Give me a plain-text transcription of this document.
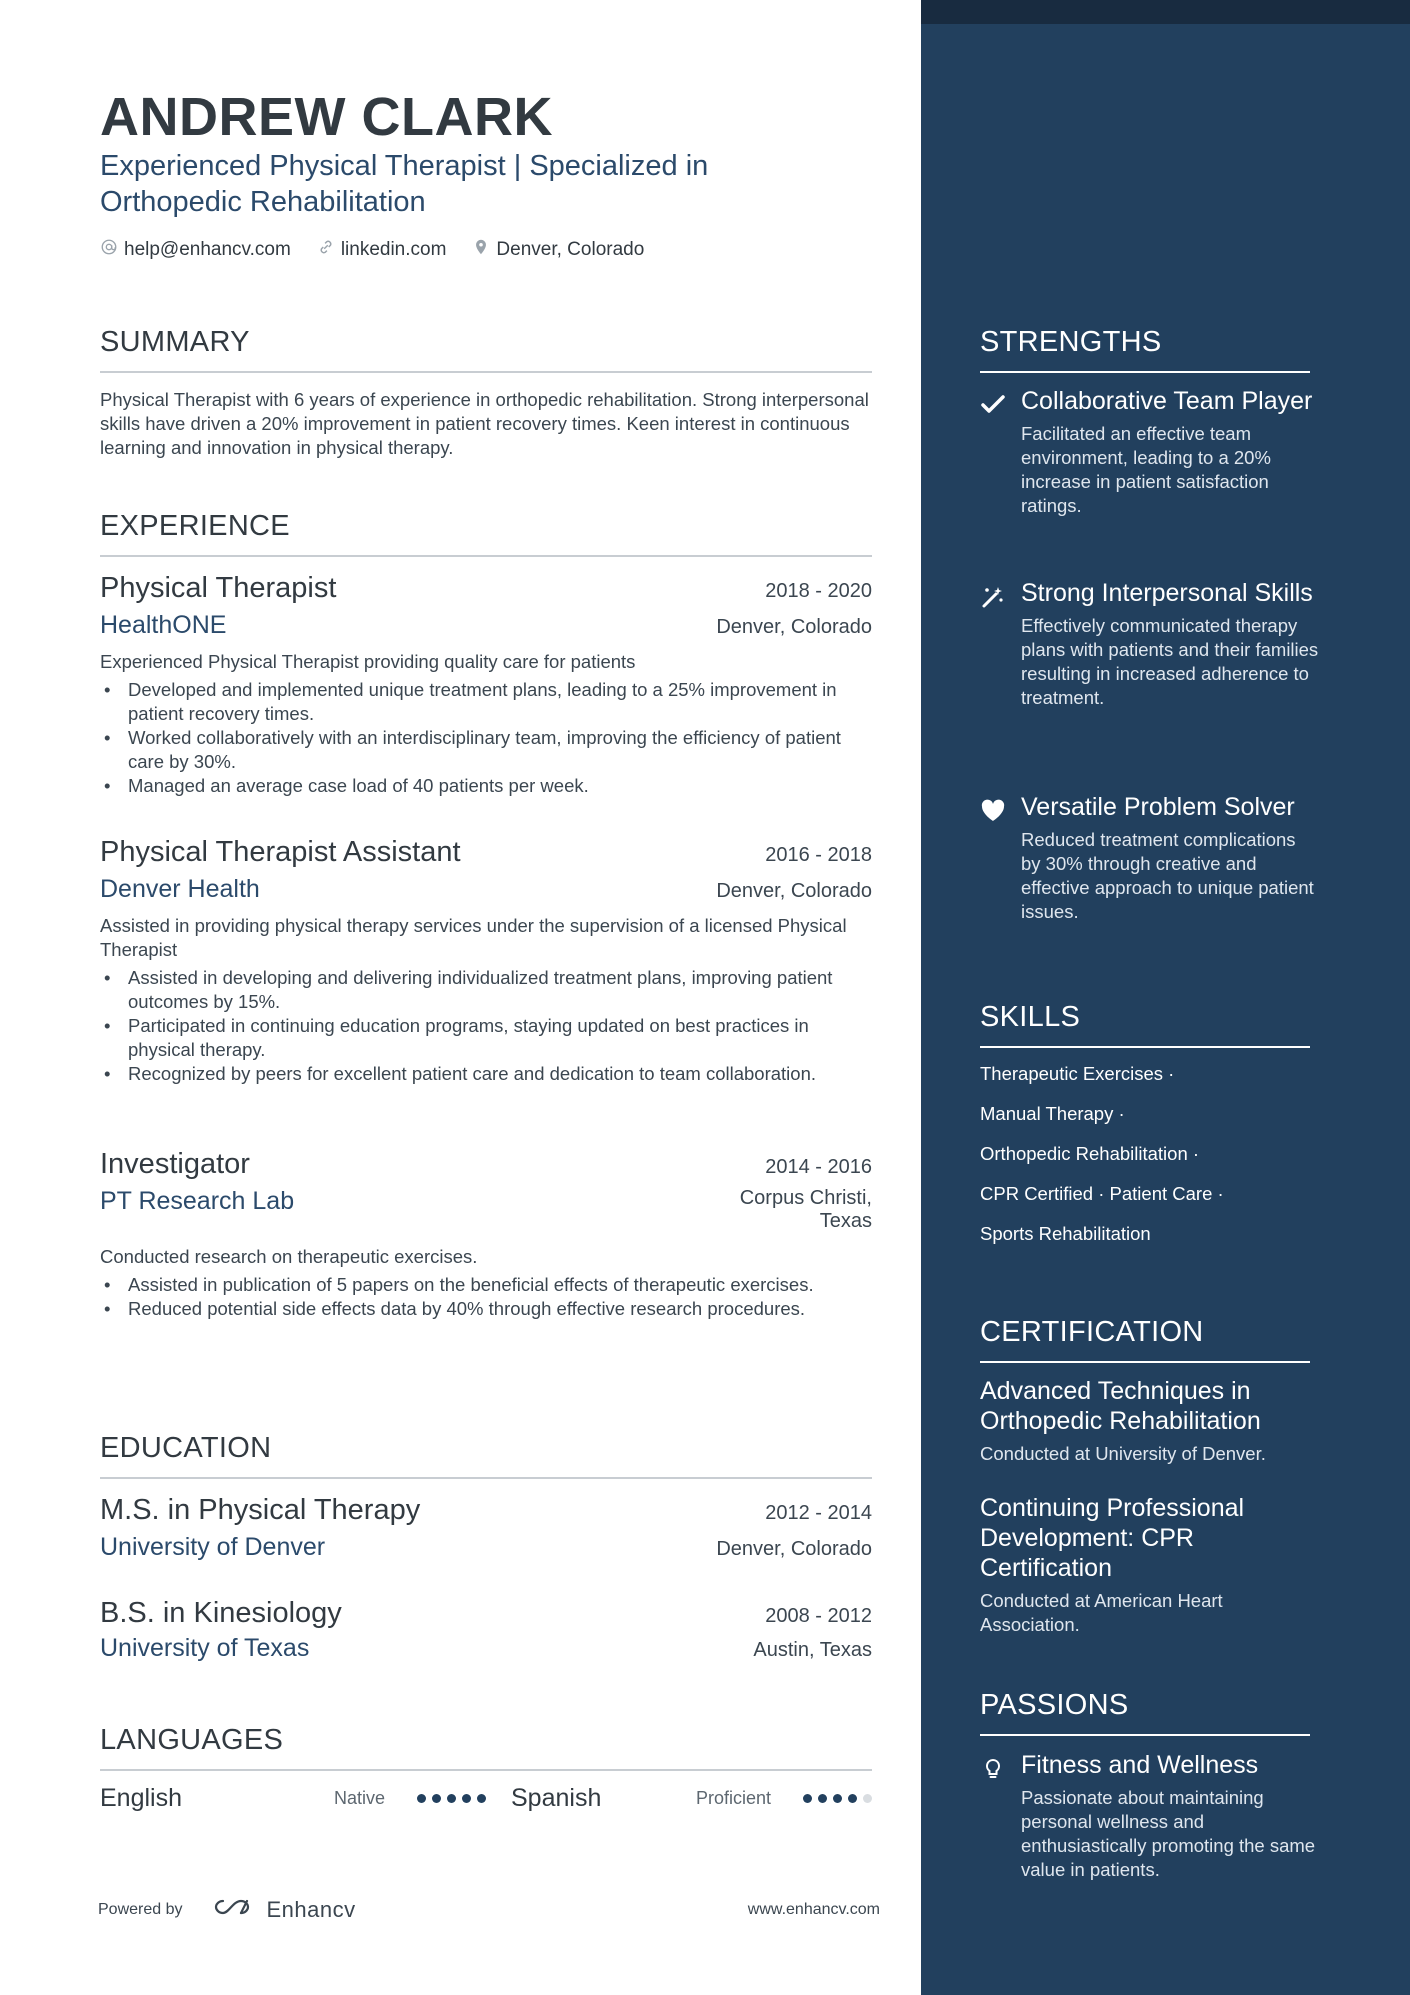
ANDREW CLARK
Experienced Physical Therapist | Specialized in Orthopedic Rehabilitation
help@enhancv.com	linkedin.com	Denver, Colorado
SUMMARY
Physical Therapist with 6 years of experience in orthopedic rehabilitation. Strong interpersonal skills have driven a 20% improvement in patient recovery times. Keen interest in continuous learning and innovation in physical therapy.
EXPERIENCE
Physical Therapist	2018 - 2020
HealthONE	Denver, Colorado
Experienced Physical Therapist providing quality care for patients
• Developed and implemented unique treatment plans, leading to a 25% improvement in patient recovery times.
• Worked collaboratively with an interdisciplinary team, improving the efficiency of patient care by 30%.
• Managed an average case load of 40 patients per week.
Physical Therapist Assistant	2016 - 2018
Denver Health	Denver, Colorado
Assisted in providing physical therapy services under the supervision of a licensed Physical Therapist
• Assisted in developing and delivering individualized treatment plans, improving patient outcomes by 15%.
• Participated in continuing education programs, staying updated on best practices in physical therapy.
• Recognized by peers for excellent patient care and dedication to team collaboration.
Investigator	2014 - 2016
PT Research Lab	Corpus Christi,
Texas
Conducted research on therapeutic exercises.
• Assisted in publication of 5 papers on the beneficial effects of therapeutic exercises.
• Reduced potential side effects data by 40% through effective research procedures.
EDUCATION
M.S. in Physical Therapy	2012 - 2014
University of Denver	Denver, Colorado
B.S. in Kinesiology	2008 - 2012
University of Texas	Austin, Texas
LANGUAGES
English	Native	Spanish	Proficient
Powered by	Enhancv	www.enhancv.com
STRENGTHS
Collaborative Team Player
Facilitated an effective team environment, leading to a 20% increase in patient satisfaction ratings.
Strong Interpersonal Skills
Effectively communicated therapy plans with patients and their families resulting in increased adherence to treatment.
Versatile Problem Solver
Reduced treatment complications by 30% through creative and effective approach to unique patient issues.
SKILLS
Therapeutic Exercises ·
Manual Therapy ·
Orthopedic Rehabilitation ·
CPR Certified · Patient Care ·
Sports Rehabilitation
CERTIFICATION
Advanced Techniques in Orthopedic Rehabilitation
Conducted at University of Denver.
Continuing Professional Development: CPR Certification
Conducted at American Heart Association.
PASSIONS
Fitness and Wellness
Passionate about maintaining personal wellness and enthusiastically promoting the same value in patients.
